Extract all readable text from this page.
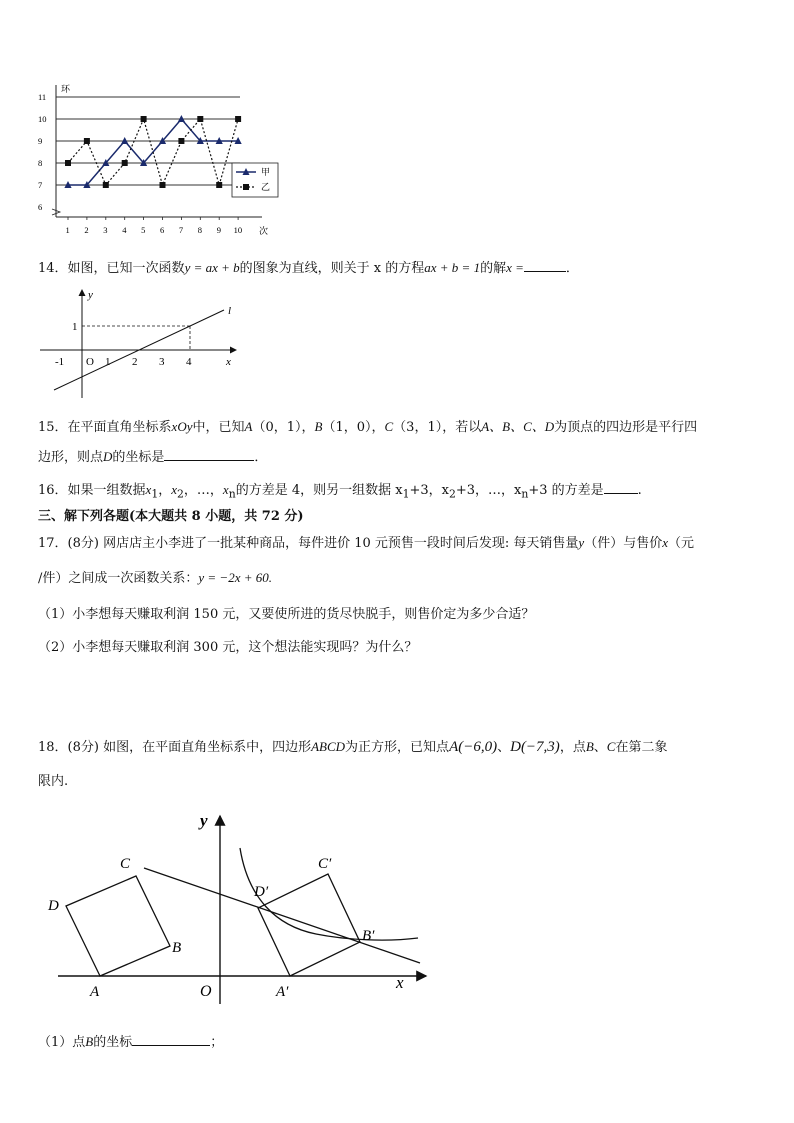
6
7
8
9
10
11
1 2 3 4 5 6 7 8 9 10
甲
乙
环
次
14．如图，已知一次函数y = ax + b的图象为直线，则关于 x 的方程ax + b = 1的解x =	．
y
x
l
O
1
-1	1 2 3 4
15．在平面直角坐标系xOy中，已知A（0，1），B（1，0），C（3，1），若以A、B、C、D为顶点的四边形是平行四
边形，则点D的坐标是	．
16．如果一组数据$x_1$，$x_2$，…，$x_n$的方差是 4，则另一组数据 $x_1+3$，$x_2+3$，…，$x_n+3$ 的方差是	.
三、解下列各题(本大题共 8 小题，共 72 分)
17．(8分) 网店店主小李进了一批某种商品，每件进价 10 元预售一段时间后发现: 每天销售量y（件）与售价x（元
/件）之间成一次函数关系：y = −2x + 60.
（1）小李想每天赚取利润 150 元，又要使所进的货尽快脱手，则售价定为多少合适？
（2）小李想每天赚取利润 300 元，这个想法能实现吗？为什么？
18．(8分) 如图，在平面直角坐标系中，四边形ABCD为正方形，已知点A(−6,0)、D(−7,3)，点B、C在第二象
限内.
y
x
O
A
B
C
D
A′
B′
C′
D′
（1）点B的坐标	；
